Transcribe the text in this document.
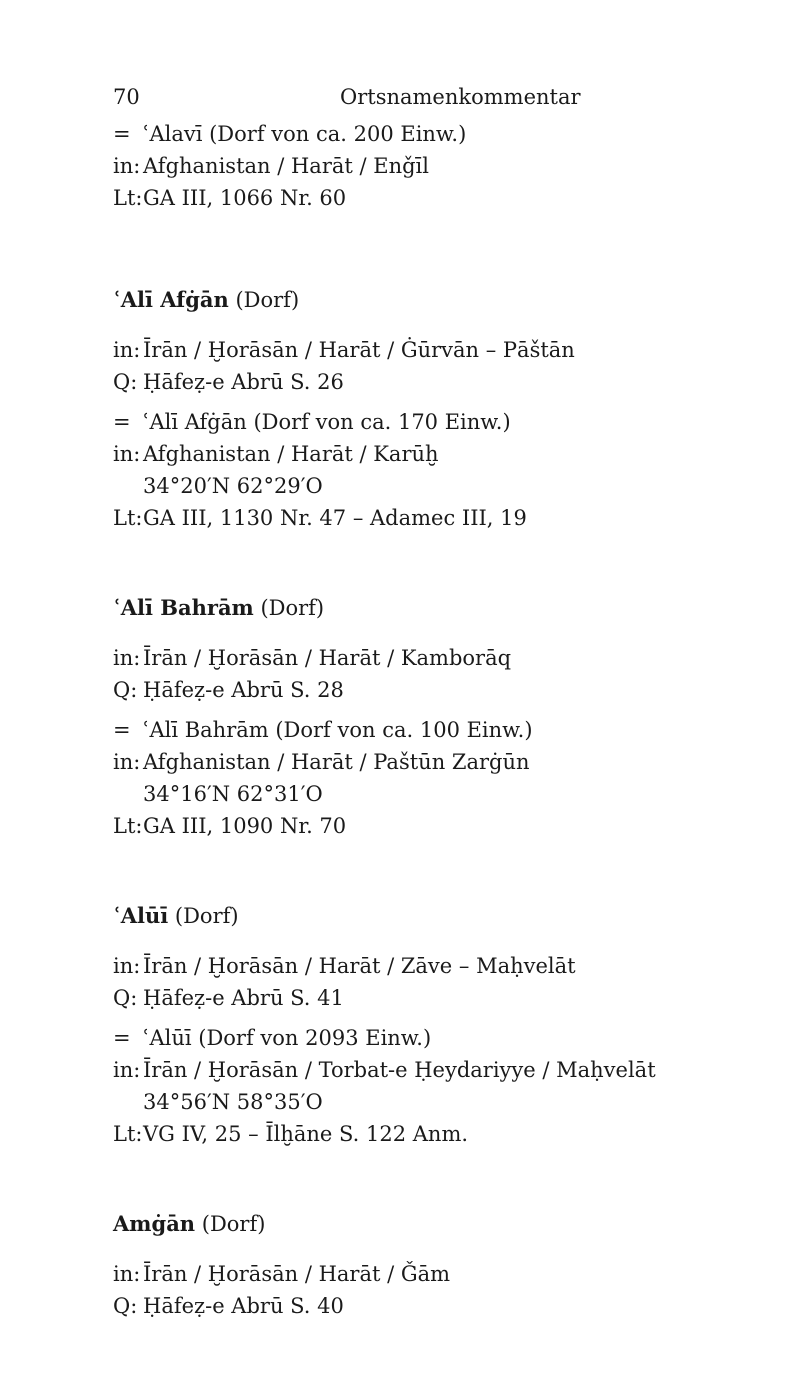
70	Ortsnamenkommentar
= ʿAlavī (Dorf von ca. 200 Einw.)
in: Afghanistan / Harāt / Enǧīl
Lt: GA III, 1066 Nr. 60
ʿAlī Afġān (Dorf)
in: Īrān / Ḫorāsān / Harāt / Ġūrvān – Pāštān
Q: Ḥāfeẓ-e Abrū S. 26
= ʿAlī Afġān (Dorf von ca. 170 Einw.)
in: Afghanistan / Harāt / Karūḫ
34°20′N 62°29′O
Lt: GA III, 1130 Nr. 47 – Adamec III, 19
ʿAlī Bahrām (Dorf)
in: Īrān / Ḫorāsān / Harāt / Kamborāq
Q: Ḥāfeẓ-e Abrū S. 28
= ʿAlī Bahrām (Dorf von ca. 100 Einw.)
in: Afghanistan / Harāt / Paštūn Zarġūn
34°16′N 62°31′O
Lt: GA III, 1090 Nr. 70
ʿAlūī (Dorf)
in: Īrān / Ḫorāsān / Harāt / Zāve – Maḥvelāt
Q: Ḥāfeẓ-e Abrū S. 41
= ʿAlūī (Dorf von 2093 Einw.)
in: Īrān / Ḫorāsān / Torbat-e Ḥeydariyye / Maḥvelāt
34°56′N 58°35′O
Lt: VG IV, 25 – Īlḫāne S. 122 Anm.
Amġān (Dorf)
in: Īrān / Ḫorāsān / Harāt / Ǧām
Q: Ḥāfeẓ-e Abrū S. 40
